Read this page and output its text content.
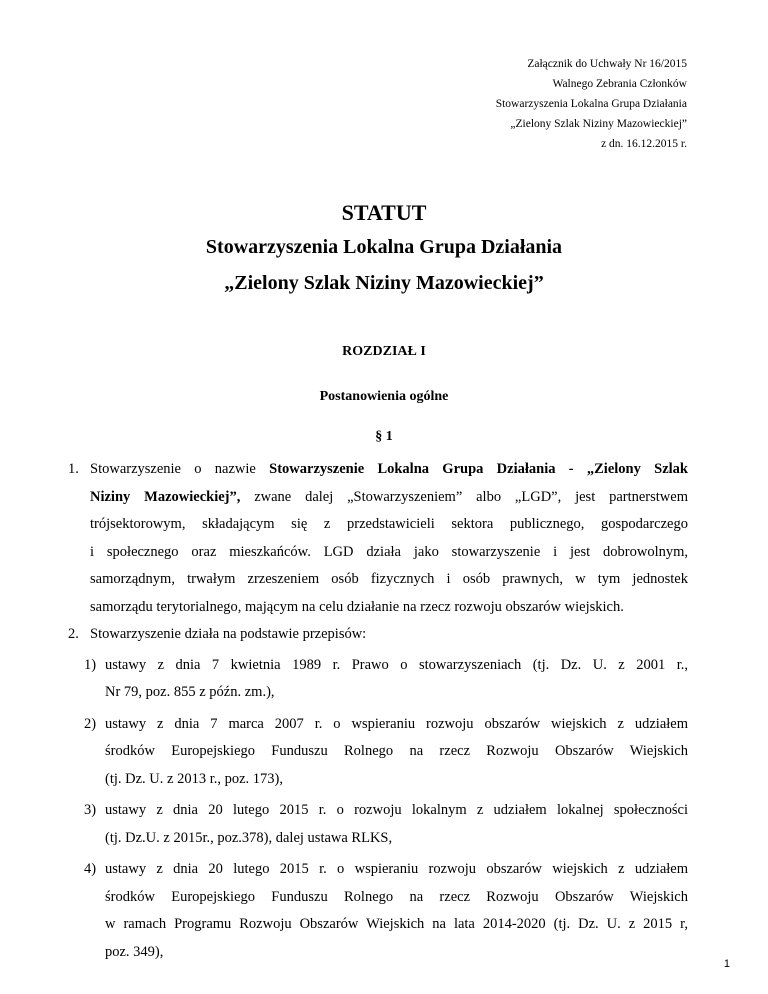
Załącznik do Uchwały Nr 16/2015
Walnego Zebrania Członków
Stowarzyszenia Lokalna Grupa Działania
„Zielony Szlak Niziny Mazowieckiej”
z dn. 16.12.2015 r.
STATUT
Stowarzyszenia Lokalna Grupa Działania
„Zielony Szlak Niziny Mazowieckiej”
ROZDZIAŁ I
Postanowienia ogólne
§ 1
1. Stowarzyszenie o nazwie Stowarzyszenie Lokalna Grupa Działania - „Zielony Szlak
Niziny Mazowieckiej”, zwane dalej „Stowarzyszeniem” albo „LGD”, jest partnerstwem
trójsektorowym, składającym się z przedstawicieli sektora publicznego, gospodarczego
i społecznego oraz mieszkańców. LGD działa jako stowarzyszenie i jest dobrowolnym,
samorządnym, trwałym zrzeszeniem osób fizycznych i osób prawnych, w tym jednostek
samorządu terytorialnego, mającym na celu działanie na rzecz rozwoju obszarów wiejskich.
2. Stowarzyszenie działa na podstawie przepisów:
1) ustawy z dnia 7 kwietnia 1989 r. Prawo o stowarzyszeniach (tj. Dz. U. z 2001 r.,
Nr 79, poz. 855 z późn. zm.),
2) ustawy z dnia 7 marca 2007 r. o wspieraniu rozwoju obszarów wiejskich z udziałem
środków Europejskiego Funduszu Rolnego na rzecz Rozwoju Obszarów Wiejskich
(tj. Dz. U. z 2013 r., poz. 173),
3) ustawy z dnia 20 lutego 2015 r. o rozwoju lokalnym z udziałem lokalnej społeczności
(tj. Dz.U. z 2015r., poz.378), dalej ustawa RLKS,
4) ustawy z dnia 20 lutego 2015 r. o wspieraniu rozwoju obszarów wiejskich z udziałem
środków Europejskiego Funduszu Rolnego na rzecz Rozwoju Obszarów Wiejskich
w ramach Programu Rozwoju Obszarów Wiejskich na lata 2014-2020 (tj. Dz. U. z 2015 r,
poz. 349),
1
